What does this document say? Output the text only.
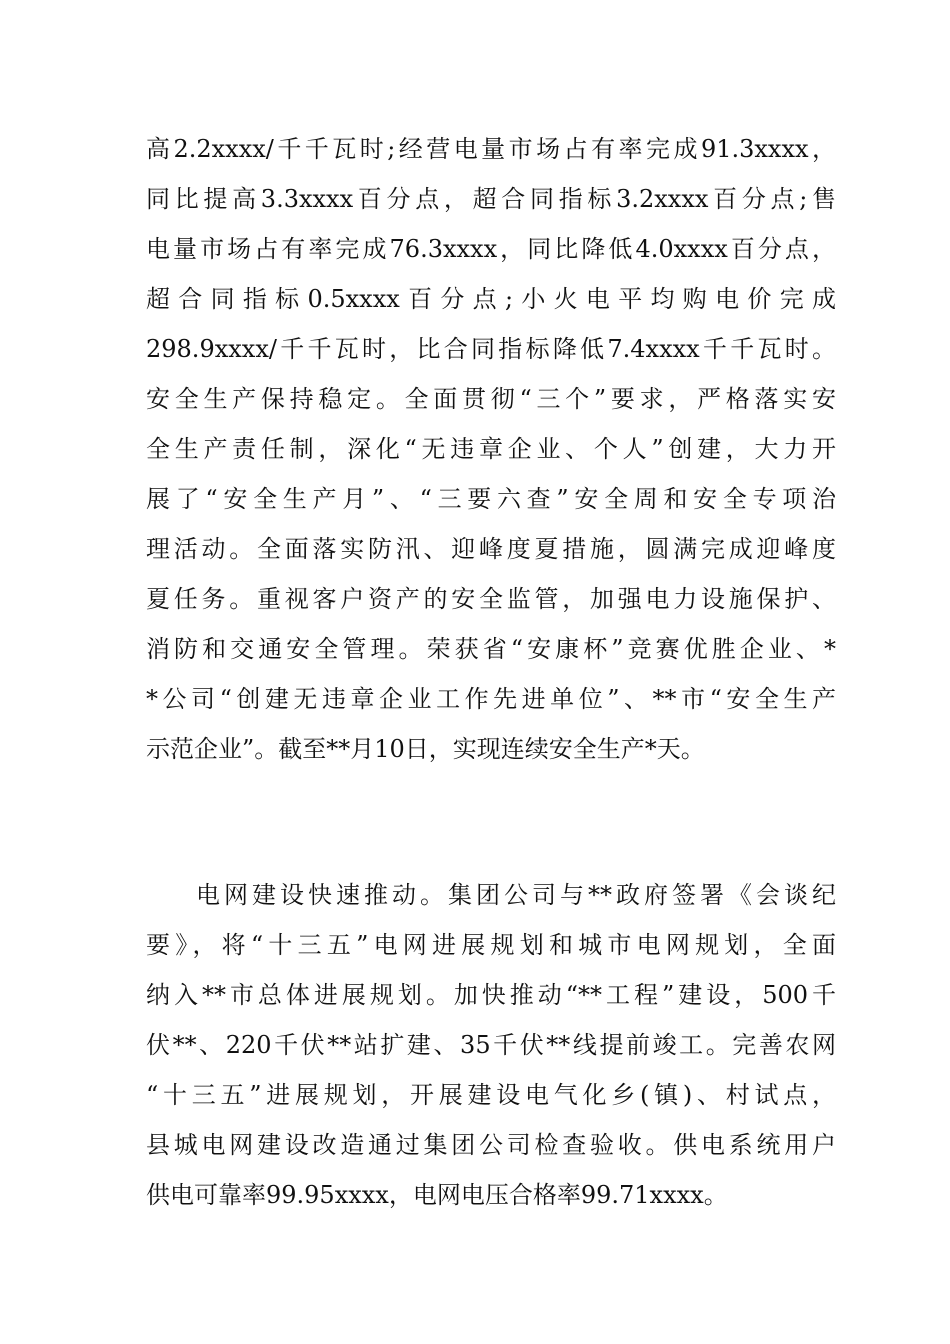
高2.2xxxx/千千瓦时;经营电量市场占有率完成91.3xxxx，
同比提高3.3xxxx百分点，超合同指标3.2xxxx百分点;售
电量市场占有率完成76.3xxxx，同比降低4.0xxxx百分点，
超合同指标0.5xxxx百分点;小火电平均购电价完成
298.9xxxx/千千瓦时，比合同指标降低7.4xxxx千千瓦时。
安全生产保持稳定。全面贯彻“三个”要求，严格落实安
全生产责任制，深化“无违章企业、个人”创建，大力开
展了“安全生产月”、“三要六查”安全周和安全专项治
理活动。全面落实防汛、迎峰度夏措施，圆满完成迎峰度
夏任务。重视客户资产的安全监管，加强电力设施保护、
消防和交通安全管理。荣获省“安康杯”竞赛优胜企业、*
*公司“创建无违章企业工作先进单位”、**市“安全生产
示范企业”。截至**月10日，实现连续安全生产*天。
电网建设快速推动。集团公司与**政府签署《会谈纪
要》，将“十三五”电网进展规划和城市电网规划，全面
纳入**市总体进展规划。加快推动“**工程”建设，500千
伏**、220千伏**站扩建、35千伏**线提前竣工。完善农网
“十三五”进展规划，开展建设电气化乡(镇)、村试点，
县城电网建设改造通过集团公司检查验收。供电系统用户
供电可靠率99.95xxxx，电网电压合格率99.71xxxx。
